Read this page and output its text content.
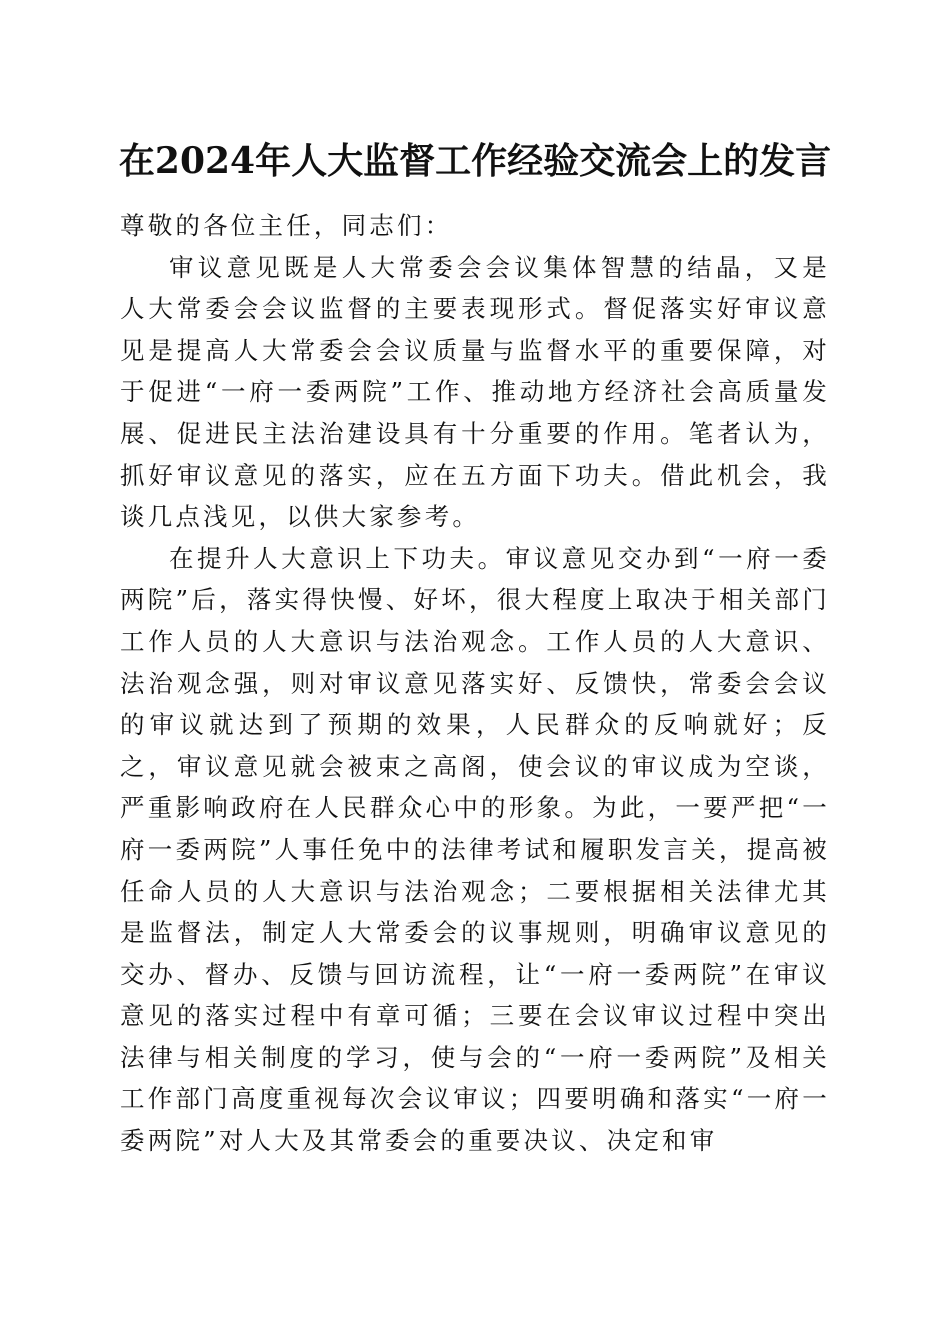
在2024年人大监督工作经验交流会上的发言

尊敬的各位主任，同志们：

审议意见既是人大常委会会议集体智慧的结晶，又是人大常委会会议监督的主要表现形式。督促落实好审议意见是提高人大常委会会议质量与监督水平的重要保障，对于促进“一府一委两院”工作、推动地方经济社会高质量发展、促进民主法治建设具有十分重要的作用。笔者认为，抓好审议意见的落实，应在五方面下功夫。借此机会，我谈几点浅见，以供大家参考。

在提升人大意识上下功夫。审议意见交办到“一府一委两院”后，落实得快慢、好坏，很大程度上取决于相关部门工作人员的人大意识与法治观念。工作人员的人大意识、法治观念强，则对审议意见落实好、反馈快，常委会会议的审议就达到了预期的效果，人民群众的反响就好；反之，审议意见就会被束之高阁，使会议的审议成为空谈，严重影响政府在人民群众心中的形象。为此，一要严把“一府一委两院”人事任免中的法律考试和履职发言关，提高被任命人员的人大意识与法治观念；二要根据相关法律尤其是监督法，制定人大常委会的议事规则，明确审议意见的交办、督办、反馈与回访流程，让“一府一委两院”在审议意见的落实过程中有章可循；三要在会议审议过程中突出法律与相关制度的学习，使与会的“一府一委两院”及相关工作部门高度重视每次会议审议；四要明确和落实“一府一委两院”对人大及其常委会的重要决议、决定和审
